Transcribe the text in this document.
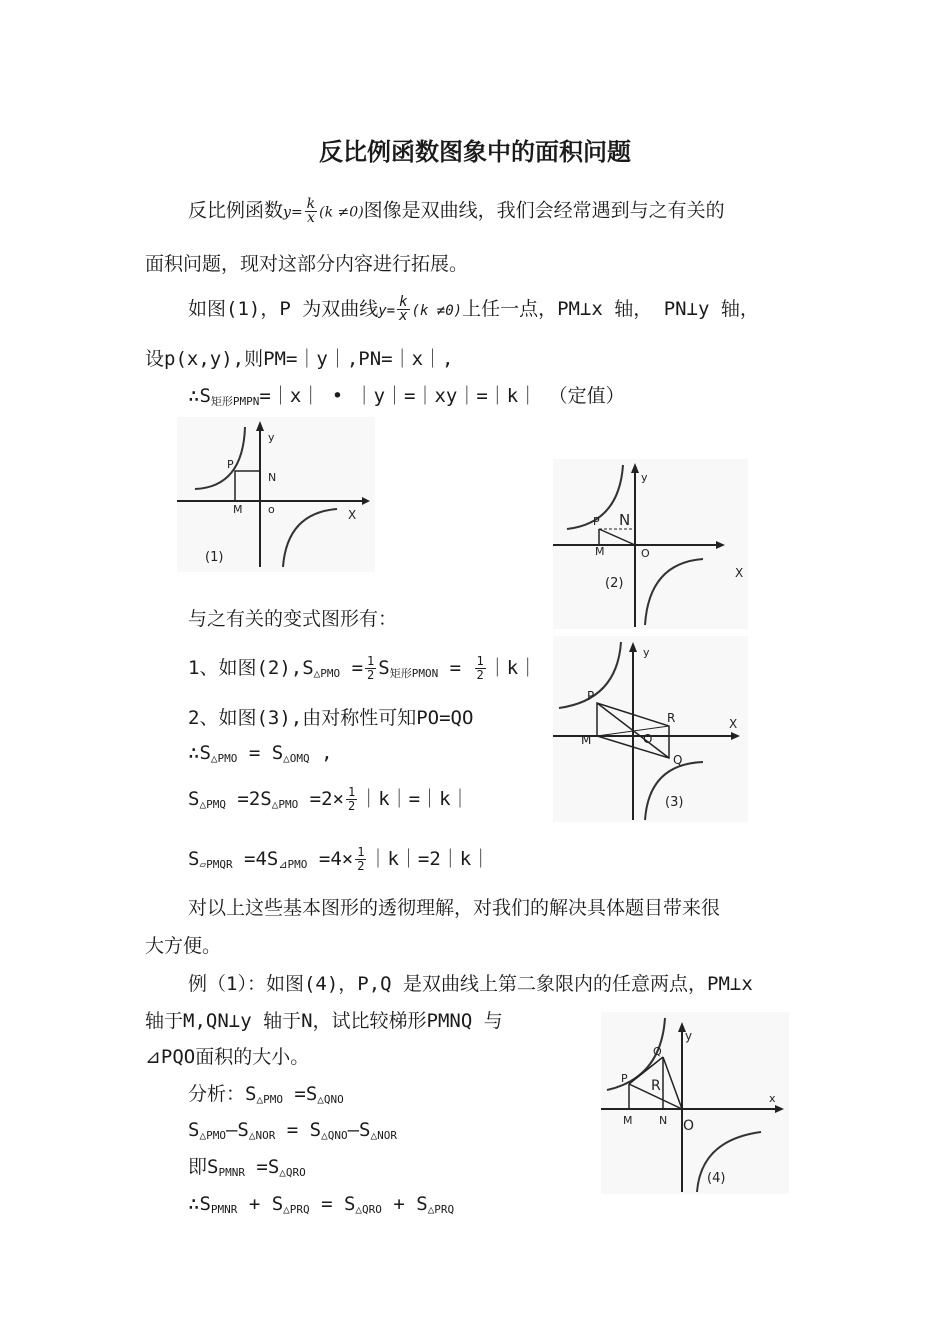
反比例函数图象中的面积问题
反比例函数$y= \frac{k}{x} (k \ne 0)$图像是双曲线，我们会经常遇到与之有关的
面积问题，现对这部分内容进行拓展。
如图(1)，P 为双曲线$y= \frac{k}{x} (k \ne 0)$上任一点，PM⊥x 轴， PN⊥y 轴，
设p(x,y),则PM=｜y｜,PN=｜x｜,
$\therefore S_{矩形PMPN}=|x|$ • ｜y｜=｜xy｜=｜k｜ （定值）
y
X
P
N
M o
(1)
y
X
P N
M	O
(2)
与之有关的变式图形有：
1、如图$(2),S_{\triangle PMO} = \frac{1}{2} S_{矩形PMON} = \frac{1}{2}$ ｜k｜
2、如图(3),由对称性可知PO=QO
$\therefore S_{\triangle PMO} = S_{\triangle OMQ}$ ,
$S_{\triangle PMQ} =2S_{\triangle PMO} =2\times \frac{1}{2}$ ｜k｜=｜k｜
$S_{▱PMQR} =4S_{⊿PMO} =4\times \frac{1}{2}$ ｜k｜=2｜k｜
y
X
P
M	O
R
Q
(3)
对以上这些基本图形的透彻理解，对我们的解决具体题目带来很
大方便。
例（1）：如图(4)，P,Q 是双曲线上第二象限内的任意两点，PM⊥x
轴于M,QN⊥y 轴于N，试比较梯形PMNQ 与
⊿PQO面积的大小。
分析：$S_{\triangle PMO} =S_{\triangle QNO}$
$S_{\triangle PMO}—S_{\triangle NOR}$ = $S_{\triangle QNO}—S_{\triangle NOR}$
即$S_{PMNR} =S_{\triangle QRO}$
$\therefore S_{PMNR} + S_{\triangle PRQ} = S_{\triangle QRO} + S_{\triangle PRQ}$
y
x
Q
P R
M N O
(4)
